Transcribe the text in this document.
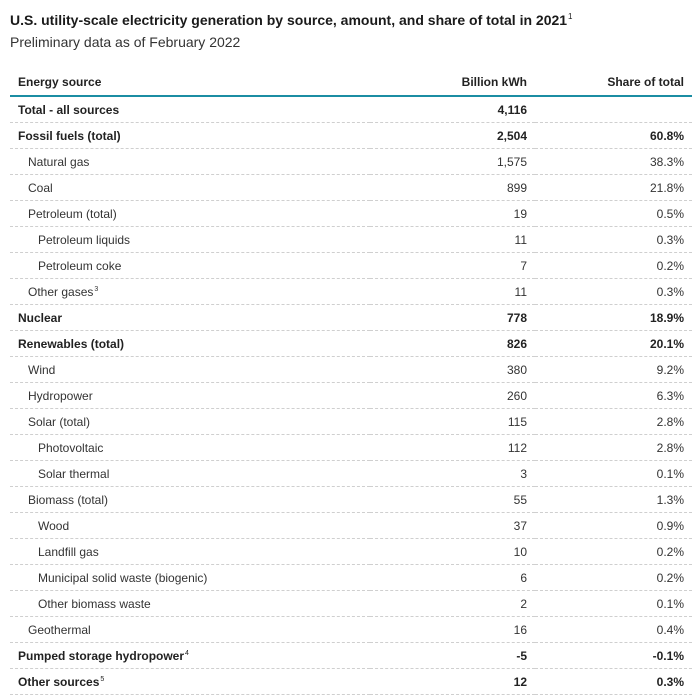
U.S. utility-scale electricity generation by source, amount, and share of total in 2021$^1$
Preliminary data as of February 2022
Energy source	Billion kWh	Share of total
Total - all sources	4,116	
Fossil fuels (total)	2,504	60.8%
Natural gas	1,575	38.3%
Coal	899	21.8%
Petroleum (total)	19	0.5%
Petroleum liquids	11	0.3%
Petroleum coke	7	0.2%
Other gases$^3$	11	0.3%
Nuclear	778	18.9%
Renewables (total)	826	20.1%
Wind	380	9.2%
Hydropower	260	6.3%
Solar (total)	115	2.8%
Photovoltaic	112	2.8%
Solar thermal	3	0.1%
Biomass (total)	55	1.3%
Wood	37	0.9%
Landfill gas	10	0.2%
Municipal solid waste (biogenic)	6	0.2%
Other biomass waste	2	0.1%
Geothermal	16	0.4%
Pumped storage hydropower$^4$	-5	-0.1%
Other sources$^5$	12	0.3%
